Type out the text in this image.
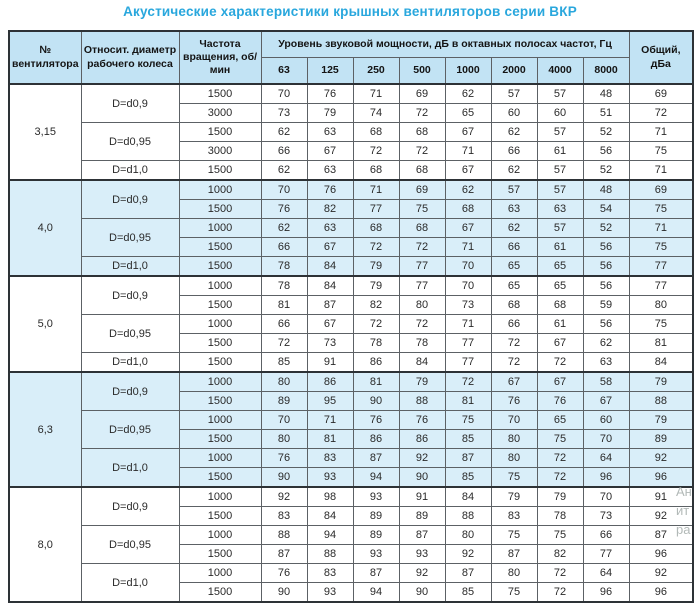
Акустические характеристики крышных вентиляторов серии ВКР
№ вентилятора	Относит. диаметр рабочего колеса	Частота вращения, об/мин	Уровень звуковой мощности, дБ в октавных полосах частот, Гц								Общий, дБа
			63	125	250	500	1000	2000	4000	8000	
3,15	D=d0,9	1500	70	76	71	69	62	57	57	48	69
		3000	73	79	74	72	65	60	60	51	72
	D=d0,95	1500	62	63	68	68	67	62	57	52	71
		3000	66	67	72	72	71	66	61	56	75
	D=d1,0	1500	62	63	68	68	67	62	57	52	71
4,0	D=d0,9	1000	70	76	71	69	62	57	57	48	69
		1500	76	82	77	75	68	63	63	54	75
	D=d0,95	1000	62	63	68	68	67	62	57	52	71
		1500	66	67	72	72	71	66	61	56	75
	D=d1,0	1500	78	84	79	77	70	65	65	56	77
5,0	D=d0,9	1000	78	84	79	77	70	65	65	56	77
		1500	81	87	82	80	73	68	68	59	80
	D=d0,95	1000	66	67	72	72	71	66	61	56	75
		1500	72	73	78	78	77	72	67	62	81
	D=d1,0	1500	85	91	86	84	77	72	72	63	84
6,3	D=d0,9	1000	80	86	81	79	72	67	67	58	79
		1500	89	95	90	88	81	76	76	67	88
	D=d0,95	1000	70	71	76	76	75	70	65	60	79
		1500	80	81	86	86	85	80	75	70	89
	D=d1,0	1000	76	83	87	92	87	80	72	64	92
		1500	90	93	94	90	85	75	72	96	96
8,0	D=d0,9	1000	92	98	93	91	84	79	79	70	91
		1500	83	84	89	89	88	83	78	73	92
	D=d0,95	1000	88	94	89	87	80	75	75	66	87
		1500	87	88	93	93	92	87	82	77	96
	D=d1,0	1000	76	83	87	92	87	80	72	64	92
		1500	90	93	94	90	85	75	72	96	96
Ан
ит
ра
